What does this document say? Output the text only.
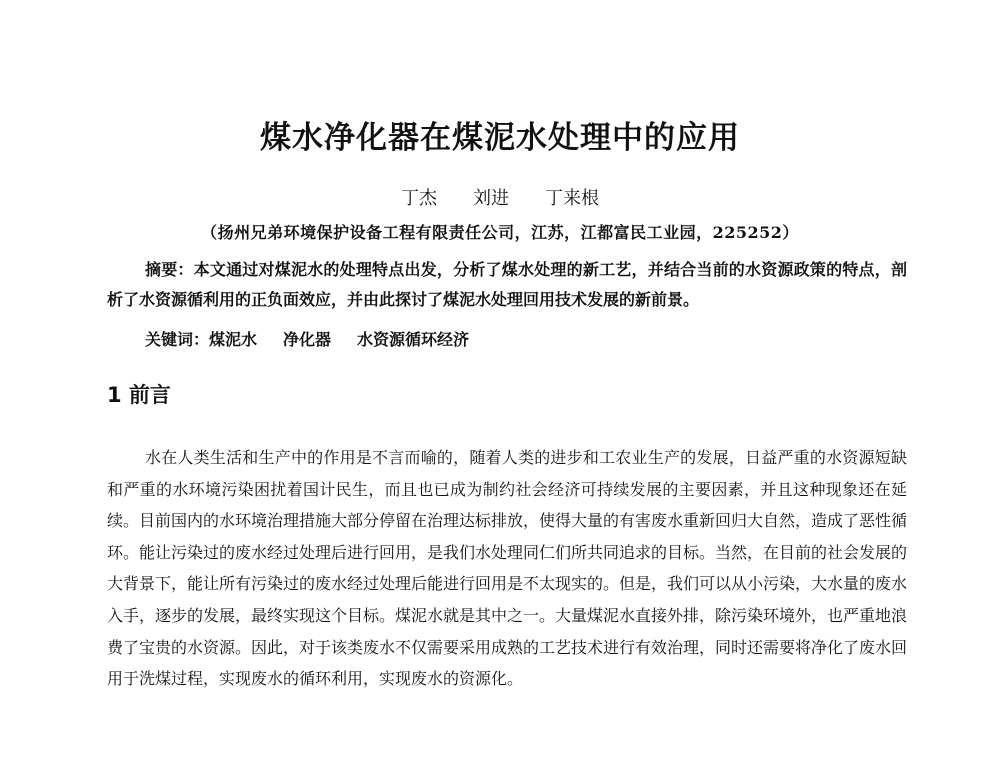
煤水净化器在煤泥水处理中的应用
丁杰 刘进 丁来根
（扬州兄弟环境保护设备工程有限责任公司，江苏，江都富民工业园，225252）

摘要：本文通过对煤泥水的处理特点出发，分析了煤水处理的新工艺，并结合当前的水资源政策的特点，剖析了水资源循利用的正负面效应，并由此探讨了煤泥水处理回用技术发展的新前景。

关键词：煤泥水 净化器 水资源循环经济
1 前言

水在人类生活和生产中的作用是不言而喻的，随着人类的进步和工农业生产的发展，日益严重的水资源短缺和严重的水环境污染困扰着国计民生，而且也已成为制约社会经济可持续发展的主要因素，并且这种现象还在延续。目前国内的水环境治理措施大部分停留在治理达标排放，使得大量的有害废水重新回归大自然，造成了恶性循环。能让污染过的废水经过处理后进行回用，是我们水处理同仁们所共同追求的目标。当然，在目前的社会发展的大背景下，能让所有污染过的废水经过处理后能进行回用是不太现实的。但是，我们可以从小污染，大水量的废水入手，逐步的发展，最终实现这个目标。煤泥水就是其中之一。大量煤泥水直接外排，除污染环境外，也严重地浪费了宝贵的水资源。因此，对于该类废水不仅需要采用成熟的工艺技术进行有效治理，同时还需要将净化了废水回用于洗煤过程，实现废水的循环利用，实现废水的资源化。
